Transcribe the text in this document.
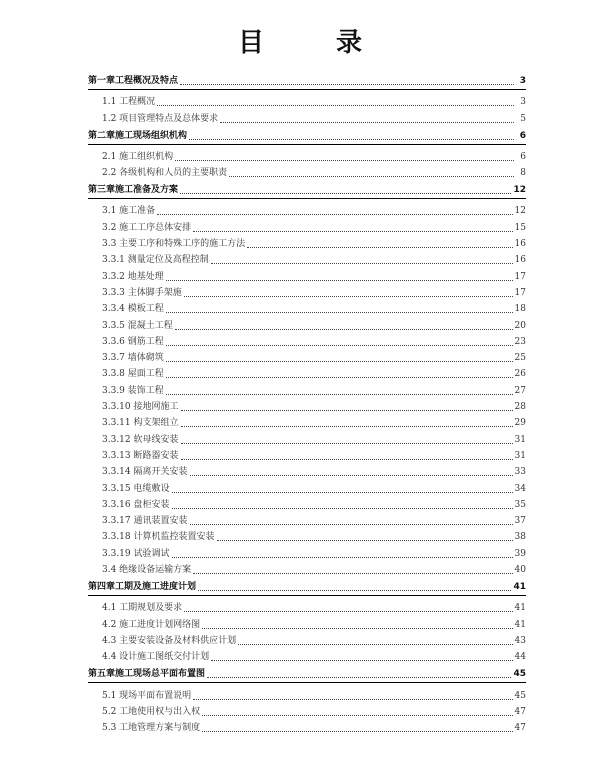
目	录
第一章工程概况及特点	3
1.1 工程概况	3
1.2 项目管理特点及总体要求	5
第二章施工现场组织机构	6
2.1 施工组织机构	6
2.2 各级机构和人员的主要职责	8
第三章施工准备及方案	12
3.1 施工准备	12
3.2 施工工序总体安排	15
3.3 主要工序和特殊工序的施工方法	16
3.3.1 测量定位及高程控制	16
3.3.2 地基处理	17
3.3.3 主体脚手架施	17
3.3.4 模板工程	18
3.3.5 混凝土工程	20
3.3.6 钢筋工程	23
3.3.7 墙体砌筑	25
3.3.8 屋面工程	26
3.3.9 装饰工程	27
3.3.10 接地网施工	28
3.3.11 构支架组立	29
3.3.12 软母线安装	31
3.3.13 断路器安装	31
3.3.14 隔离开关安装	33
3.3.15 电缆敷设	34
3.3.16 盘柜安装	35
3.3.17 通讯装置安装	37
3.3.18 计算机监控装置安装	38
3.3.19 试验调试	39
3.4 绝缘设备运输方案	40
第四章工期及施工进度计划	41
4.1 工期规划及要求	41
4.2 施工进度计划网络图	41
4.3 主要安装设备及材料供应计划	43
4.4 设计施工图纸交付计划	44
第五章施工现场总平面布置图	45
5.1 现场平面布置说明	45
5.2 工地使用权与出入权	47
5.3 工地管理方案与制度	47
